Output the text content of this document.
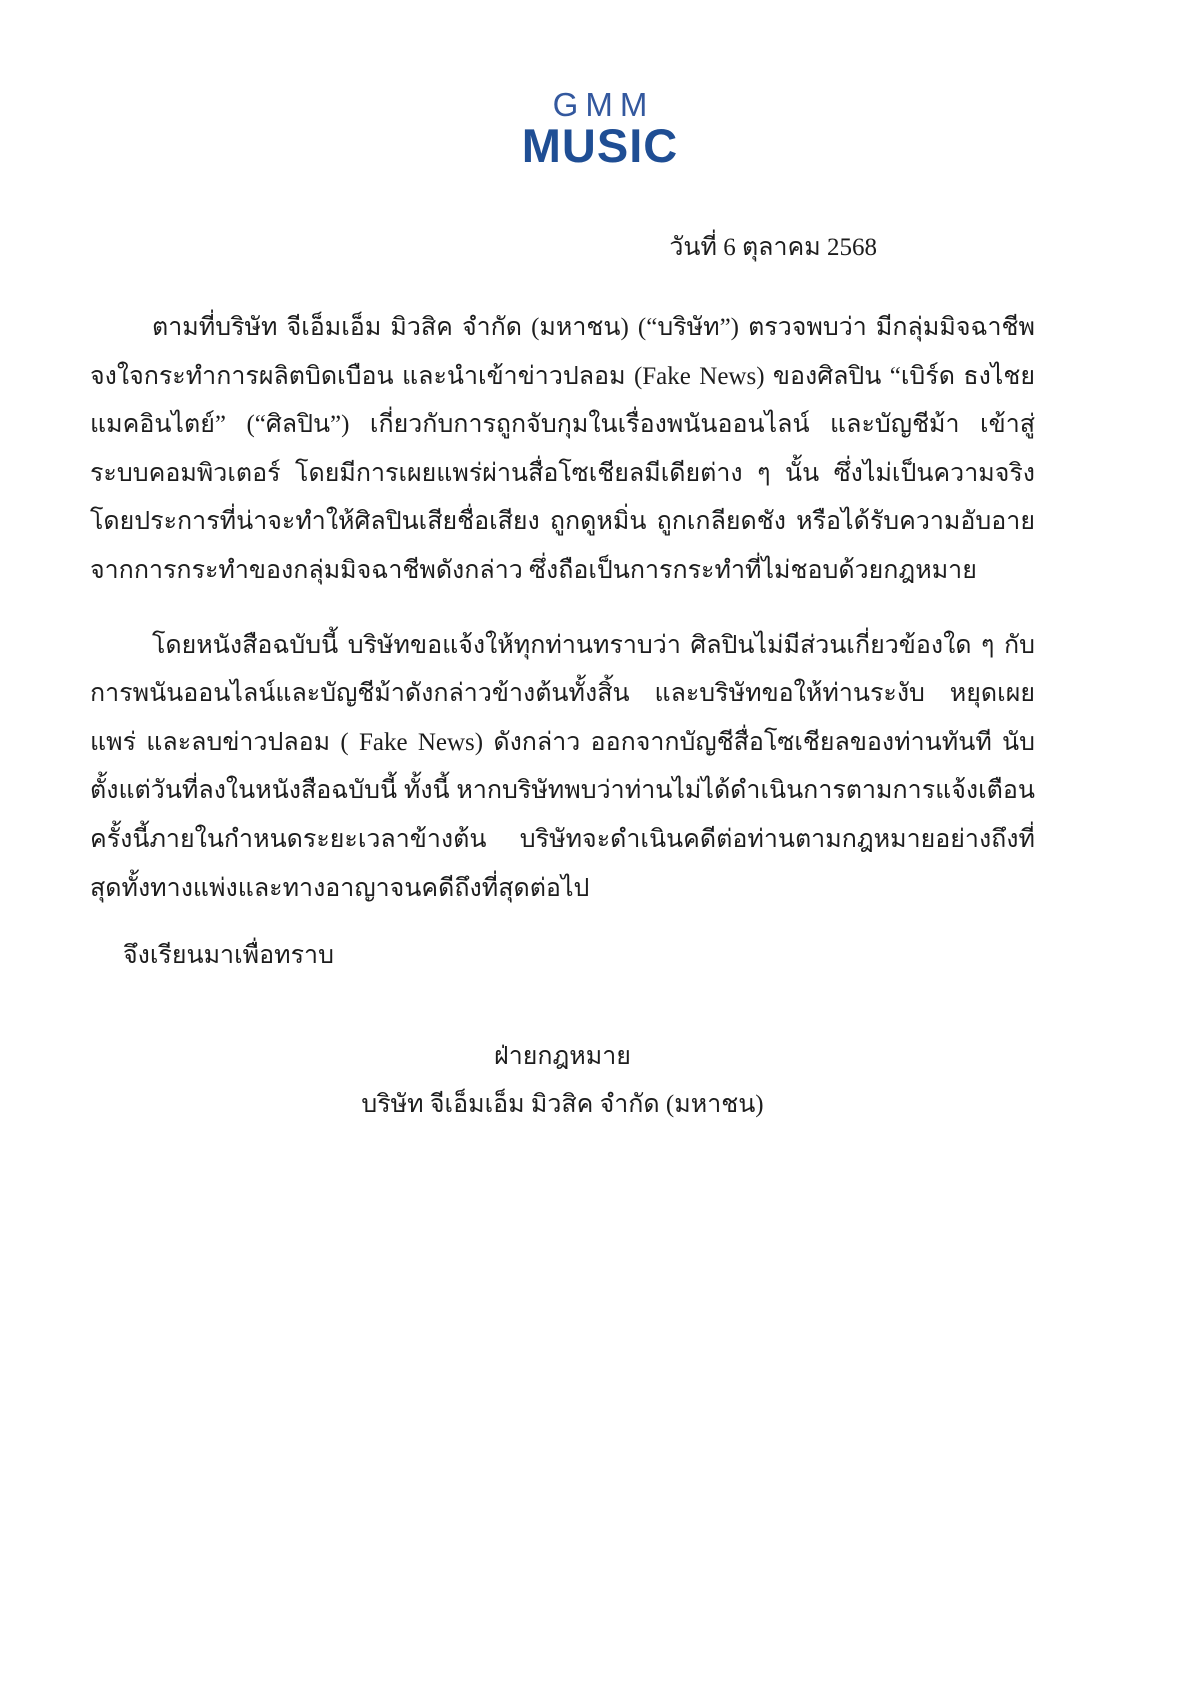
GMM
MUSIC
วันที่ 6 ตุลาคม 2568

ตามที่บริษัท จีเอ็มเอ็ม มิวสิค จำกัด (มหาชน) (“บริษัท”) ตรวจพบว่า มีกลุ่มมิจฉาชีพจงใจกระทำการผลิตบิดเบือน และนำเข้าข่าวปลอม (Fake News) ของศิลปิน “เบิร์ด ธงไชย แมคอินไตย์” (“ศิลปิน”) เกี่ยวกับการถูกจับกุมในเรื่องพนันออนไลน์ และบัญชีม้า เข้าสู่ระบบคอมพิวเตอร์ โดยมีการเผยแพร่ผ่านสื่อโซเชียลมีเดียต่าง ๆ นั้น ซึ่งไม่เป็นความจริง โดยประการที่น่าจะทำให้ศิลปินเสียชื่อเสียง ถูกดูหมิ่น ถูกเกลียดชัง หรือได้รับความอับอายจากการกระทำของกลุ่มมิจฉาชีพดังกล่าว ซึ่งถือเป็นการกระทำที่ไม่ชอบด้วยกฎหมาย

โดยหนังสือฉบับนี้ บริษัทขอแจ้งให้ทุกท่านทราบว่า ศิลปินไม่มีส่วนเกี่ยวข้องใด ๆ กับการพนันออนไลน์และบัญชีม้าดังกล่าวข้างต้นทั้งสิ้น และบริษัทขอให้ท่านระงับ หยุดเผยแพร่ และลบข่าวปลอม ( Fake News) ดังกล่าว ออกจากบัญชีสื่อโซเชียลของท่านทันที นับตั้งแต่วันที่ลงในหนังสือฉบับนี้ ทั้งนี้ หากบริษัทพบว่าท่านไม่ได้ดำเนินการตามการแจ้งเตือนครั้งนี้ภายในกำหนดระยะเวลาข้างต้น บริษัทจะดำเนินคดีต่อท่านตามกฎหมายอย่างถึงที่สุดทั้งทางแพ่งและทางอาญาจนคดีถึงที่สุดต่อไป

จึงเรียนมาเพื่อทราบ

ฝ่ายกฎหมาย
บริษัท จีเอ็มเอ็ม มิวสิค จำกัด (มหาชน)
